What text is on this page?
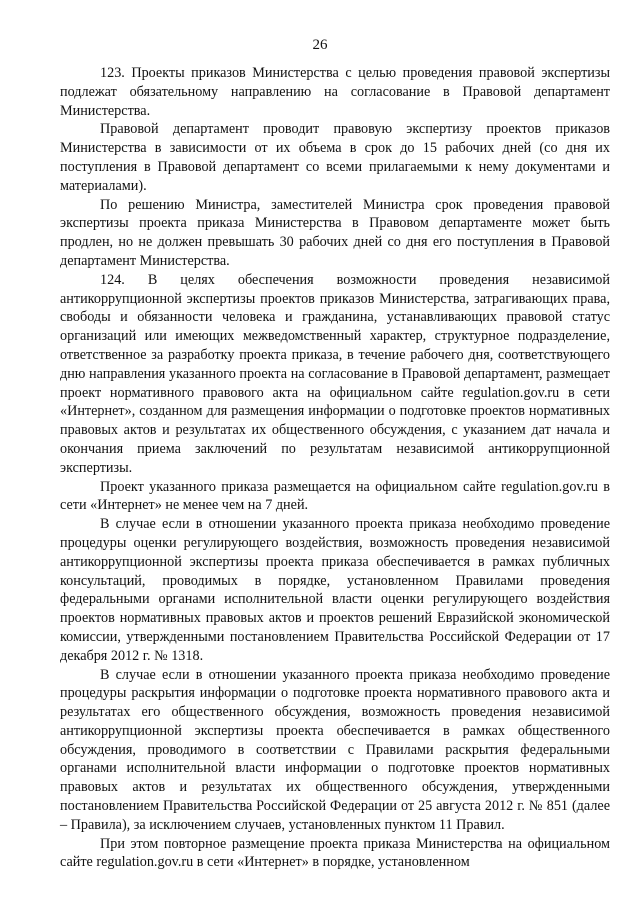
26

123. Проекты приказов Министерства с целью проведения правовой экспертизы подлежат обязательному направлению на согласование в Правовой департамент Министерства.

Правовой департамент проводит правовую экспертизу проектов приказов Министерства в зависимости от их объема в срок до 15 рабочих дней (со дня их поступления в Правовой департамент со всеми прилагаемыми к нему документами и материалами).

По решению Министра, заместителей Министра срок проведения правовой экспертизы проекта приказа Министерства в Правовом департаменте может быть продлен, но не должен превышать 30 рабочих дней со дня его поступления в Правовой департамент Министерства.

124. В целях обеспечения возможности проведения независимой антикоррупционной экспертизы проектов приказов Министерства, затрагивающих права, свободы и обязанности человека и гражданина, устанавливающих правовой статус организаций или имеющих межведомственный характер, структурное подразделение, ответственное за разработку проекта приказа, в течение рабочего дня, соответствующего дню направления указанного проекта на согласование в Правовой департамент, размещает проект нормативного правового акта на официальном сайте regulation.gov.ru в сети «Интернет», созданном для размещения информации о подготовке проектов нормативных правовых актов и результатах их общественного обсуждения, с указанием дат начала и окончания приема заключений по результатам независимой антикоррупционной экспертизы.

Проект указанного приказа размещается на официальном сайте regulation.gov.ru в сети «Интернет» не менее чем на 7 дней.

В случае если в отношении указанного проекта приказа необходимо проведение процедуры оценки регулирующего воздействия, возможность проведения независимой антикоррупционной экспертизы проекта приказа обеспечивается в рамках публичных консультаций, проводимых в порядке, установленном Правилами проведения федеральными органами исполнительной власти оценки регулирующего воздействия проектов нормативных правовых актов и проектов решений Евразийской экономической комиссии, утвержденными постановлением Правительства Российской Федерации от 17 декабря 2012 г. № 1318.

В случае если в отношении указанного проекта приказа необходимо проведение процедуры раскрытия информации о подготовке проекта нормативного правового акта и результатах его общественного обсуждения, возможность проведения независимой антикоррупционной экспертизы проекта обеспечивается в рамках общественного обсуждения, проводимого в соответствии с Правилами раскрытия федеральными органами исполнительной власти информации о подготовке проектов нормативных правовых актов и результатах их общественного обсуждения, утвержденными постановлением Правительства Российской Федерации от 25 августа 2012 г. № 851 (далее – Правила), за исключением случаев, установленных пунктом 11 Правил.

При этом повторное размещение проекта приказа Министерства на официальном сайте regulation.gov.ru в сети «Интернет» в порядке, установленном
